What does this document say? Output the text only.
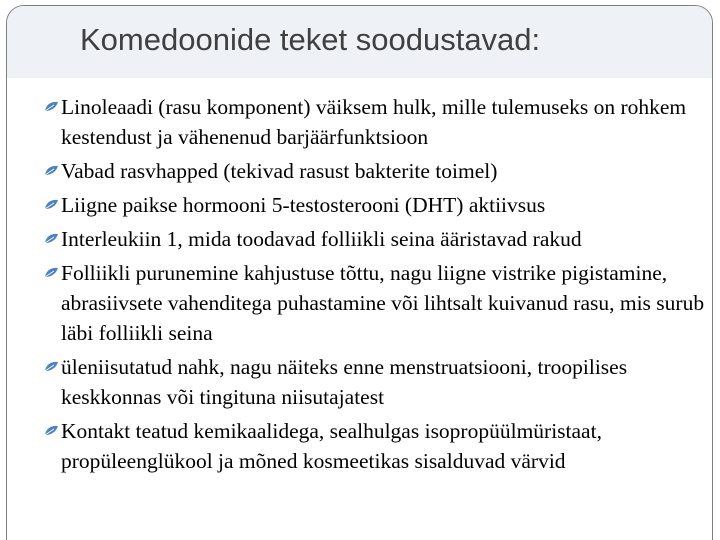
Komedoonide teket soodustavad:
Linoleaadi (rasu komponent) väiksem hulk, mille tulemuseks on rohkem kestendust ja vähenenud barjäärfunktsioon
Vabad rasvhapped (tekivad rasust bakterite toimel)
Liigne paikse hormooni 5-testosterooni (DHT) aktiivsus
Interleukiin 1, mida toodavad folliikli seina ääristavad rakud
Folliikli purunemine kahjustuse tõttu, nagu liigne vistrike pigistamine, abrasiivsete vahenditega puhastamine või lihtsalt kuivanud rasu, mis surub läbi folliikli seina
üleniisutatud nahk, nagu näiteks enne menstruatsiooni, troopilises keskkonnas või tingituna niisutajatest
Kontakt teatud kemikaalidega, sealhulgas isopropüülmüristaat, propüleenglükool ja mõned kosmeetikas sisalduvad värvid
